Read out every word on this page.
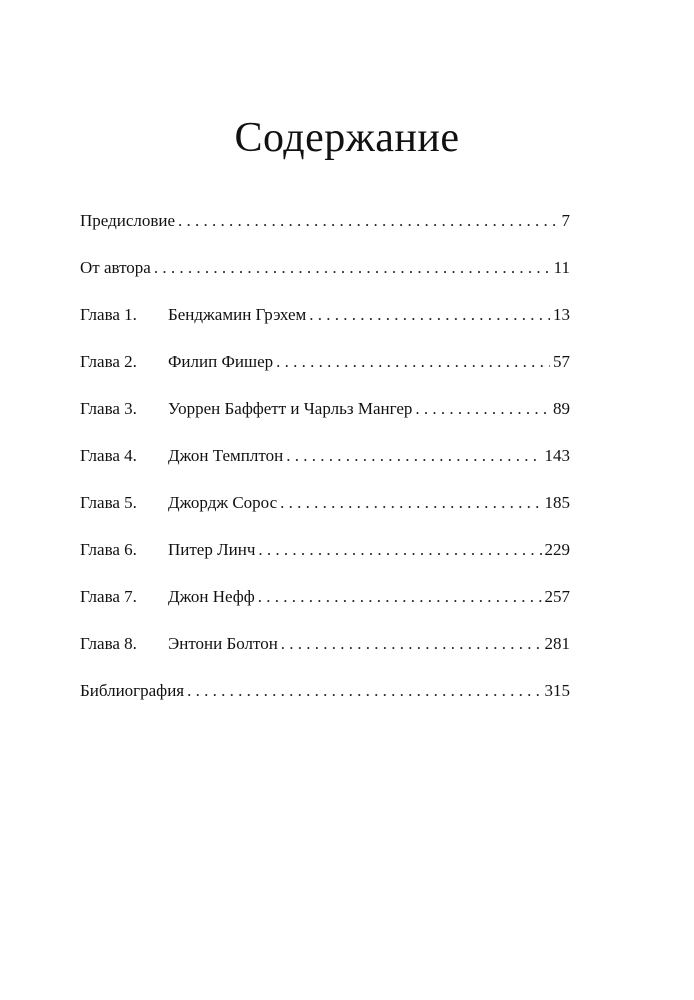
Содержание
Предисловие . . .	7
От автора . . .	11
Глава 1. Бенджамин Грэхем . . .	13
Глава 2. Филип Фишер . . .	57
Глава 3. Уоррен Баффетт и Чарльз Мангер . . .	89
Глава 4. Джон Темплтон . . .	143
Глава 5. Джордж Сорос . . .	185
Глава 6. Питер Линч . . .	229
Глава 7. Джон Нефф . . .	257
Глава 8. Энтони Болтон . . .	281
Библиография . . .	315
